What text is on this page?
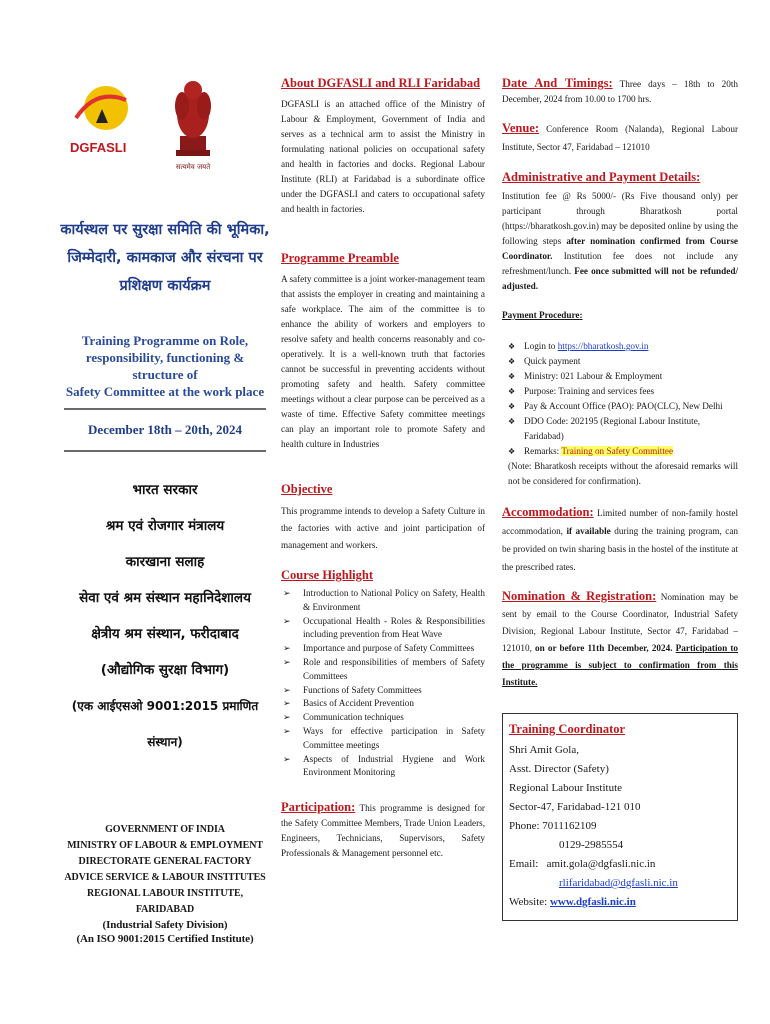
DGFASLI
सत्यमेव जयते
कार्यस्थल पर सुरक्षा समिति की भूमिका,
जिम्मेदारी, कामकाज और संरचना पर
प्रशिक्षण कार्यक्रम
Training Programme on Role,
responsibility, functioning & structure of
Safety Committee at the work place
December 18th – 20th, 2024
भारत सरकार
श्रम एवं रोजगार मंत्रालय
कारखाना सलाह
सेवा एवं श्रम संस्थान महानिदेशालय
क्षेत्रीय श्रम संस्थान, फरीदाबाद
(औद्योगिक सुरक्षा विभाग)
(एक आईएसओ 9001:2015 प्रमाणित संस्थान)
GOVERNMENT OF INDIA
MINISTRY OF LABOUR & EMPLOYMENT
DIRECTORATE GENERAL FACTORY
ADVICE SERVICE & LABOUR INSTITUTES
REGIONAL LABOUR INSTITUTE, FARIDABAD
(Industrial Safety Division)
(An ISO 9001:2015 Certified Institute)
About DGFASLI and RLI Faridabad
DGFASLI is an attached office of the Ministry of Labour & Employment, Government of India and serves as a technical arm to assist the Ministry in formulating national policies on occupational safety and health in factories and docks. Regional Labour Institute (RLI) at Faridabad is a subordinate office under the DGFASLI and caters to occupational safety and health in factories.
Programme Preamble
A safety committee is a joint worker-management team that assists the employer in creating and maintaining a safe workplace. The aim of the committee is to enhance the ability of workers and employers to resolve safety and health concerns reasonably and co-operatively. It is a well-known truth that factories cannot be successful in preventing accidents without promoting safety and health. Safety committee meetings without a clear purpose can be perceived as a waste of time. Effective Safety committee meetings can play an important role to promote Safety and health culture in Industries
Objective
This programme intends to develop a Safety Culture in the factories with active and joint participation of management and workers.
Course Highlight
➢ Introduction to National Policy on Safety, Health & Environment
➢ Occupational Health - Roles & Responsibilities including prevention from Heat Wave
➢ Importance and purpose of Safety Committees
➢ Role and responsibilities of members of Safety Committees
➢ Functions of Safety Committees
➢ Basics of Accident Prevention
➢ Communication techniques
➢ Ways for effective participation in Safety Committee meetings
➢ Aspects of Industrial Hygiene and Work Environment Monitoring
Participation: This programme is designed for the Safety Committee Members, Trade Union Leaders, Engineers, Technicians, Supervisors, Safety Professionals & Management personnel etc.
Date And Timings: Three days – 18th to 20th December, 2024 from 10.00 to 1700 hrs.
Venue: Conference Room (Nalanda), Regional Labour Institute, Sector 47, Faridabad – 121010
Administrative and Payment Details:
Institution fee @ Rs 5000/- (Rs Five thousand only) per participant through Bharatkosh portal (https://bharatkosh.gov.in) may be deposited online by using the following steps after nomination confirmed from Course Coordinator. Institution fee does not include any refreshment/lunch. Fee once submitted will not be refunded/ adjusted.
Payment Procedure:
❖ Login to https://bharatkosh.gov.in
❖ Quick payment
❖ Ministry: 021 Labour & Employment
❖ Purpose: Training and services fees
❖ Pay & Account Office (PAO): PAO(CLC), New Delhi
❖ DDO Code: 202195 (Regional Labour Institute, Faridabad)
❖ Remarks: Training on Safety Committee
(Note: Bharatkosh receipts without the aforesaid remarks will not be considered for confirmation).
Accommodation: Limited number of non-family hostel accommodation, if available during the training program, can be provided on twin sharing basis in the hostel of the institute at the prescribed rates.
Nomination & Registration: Nomination may be sent by email to the Course Coordinator, Industrial Safety Division, Regional Labour Institute, Sector 47, Faridabad – 121010, on or before 11th December, 2024. Participation to the programme is subject to confirmation from this Institute.
Training Coordinator
Shri Amit Gola,
Asst. Director (Safety)
Regional Labour Institute
Sector-47, Faridabad-121 010
Phone: 7011162109
0129-2985554
Email: amit.gola@dgfasli.nic.in
rlifaridabad@dgfasli.nic.in
Website: www.dgfasli.nic.in
